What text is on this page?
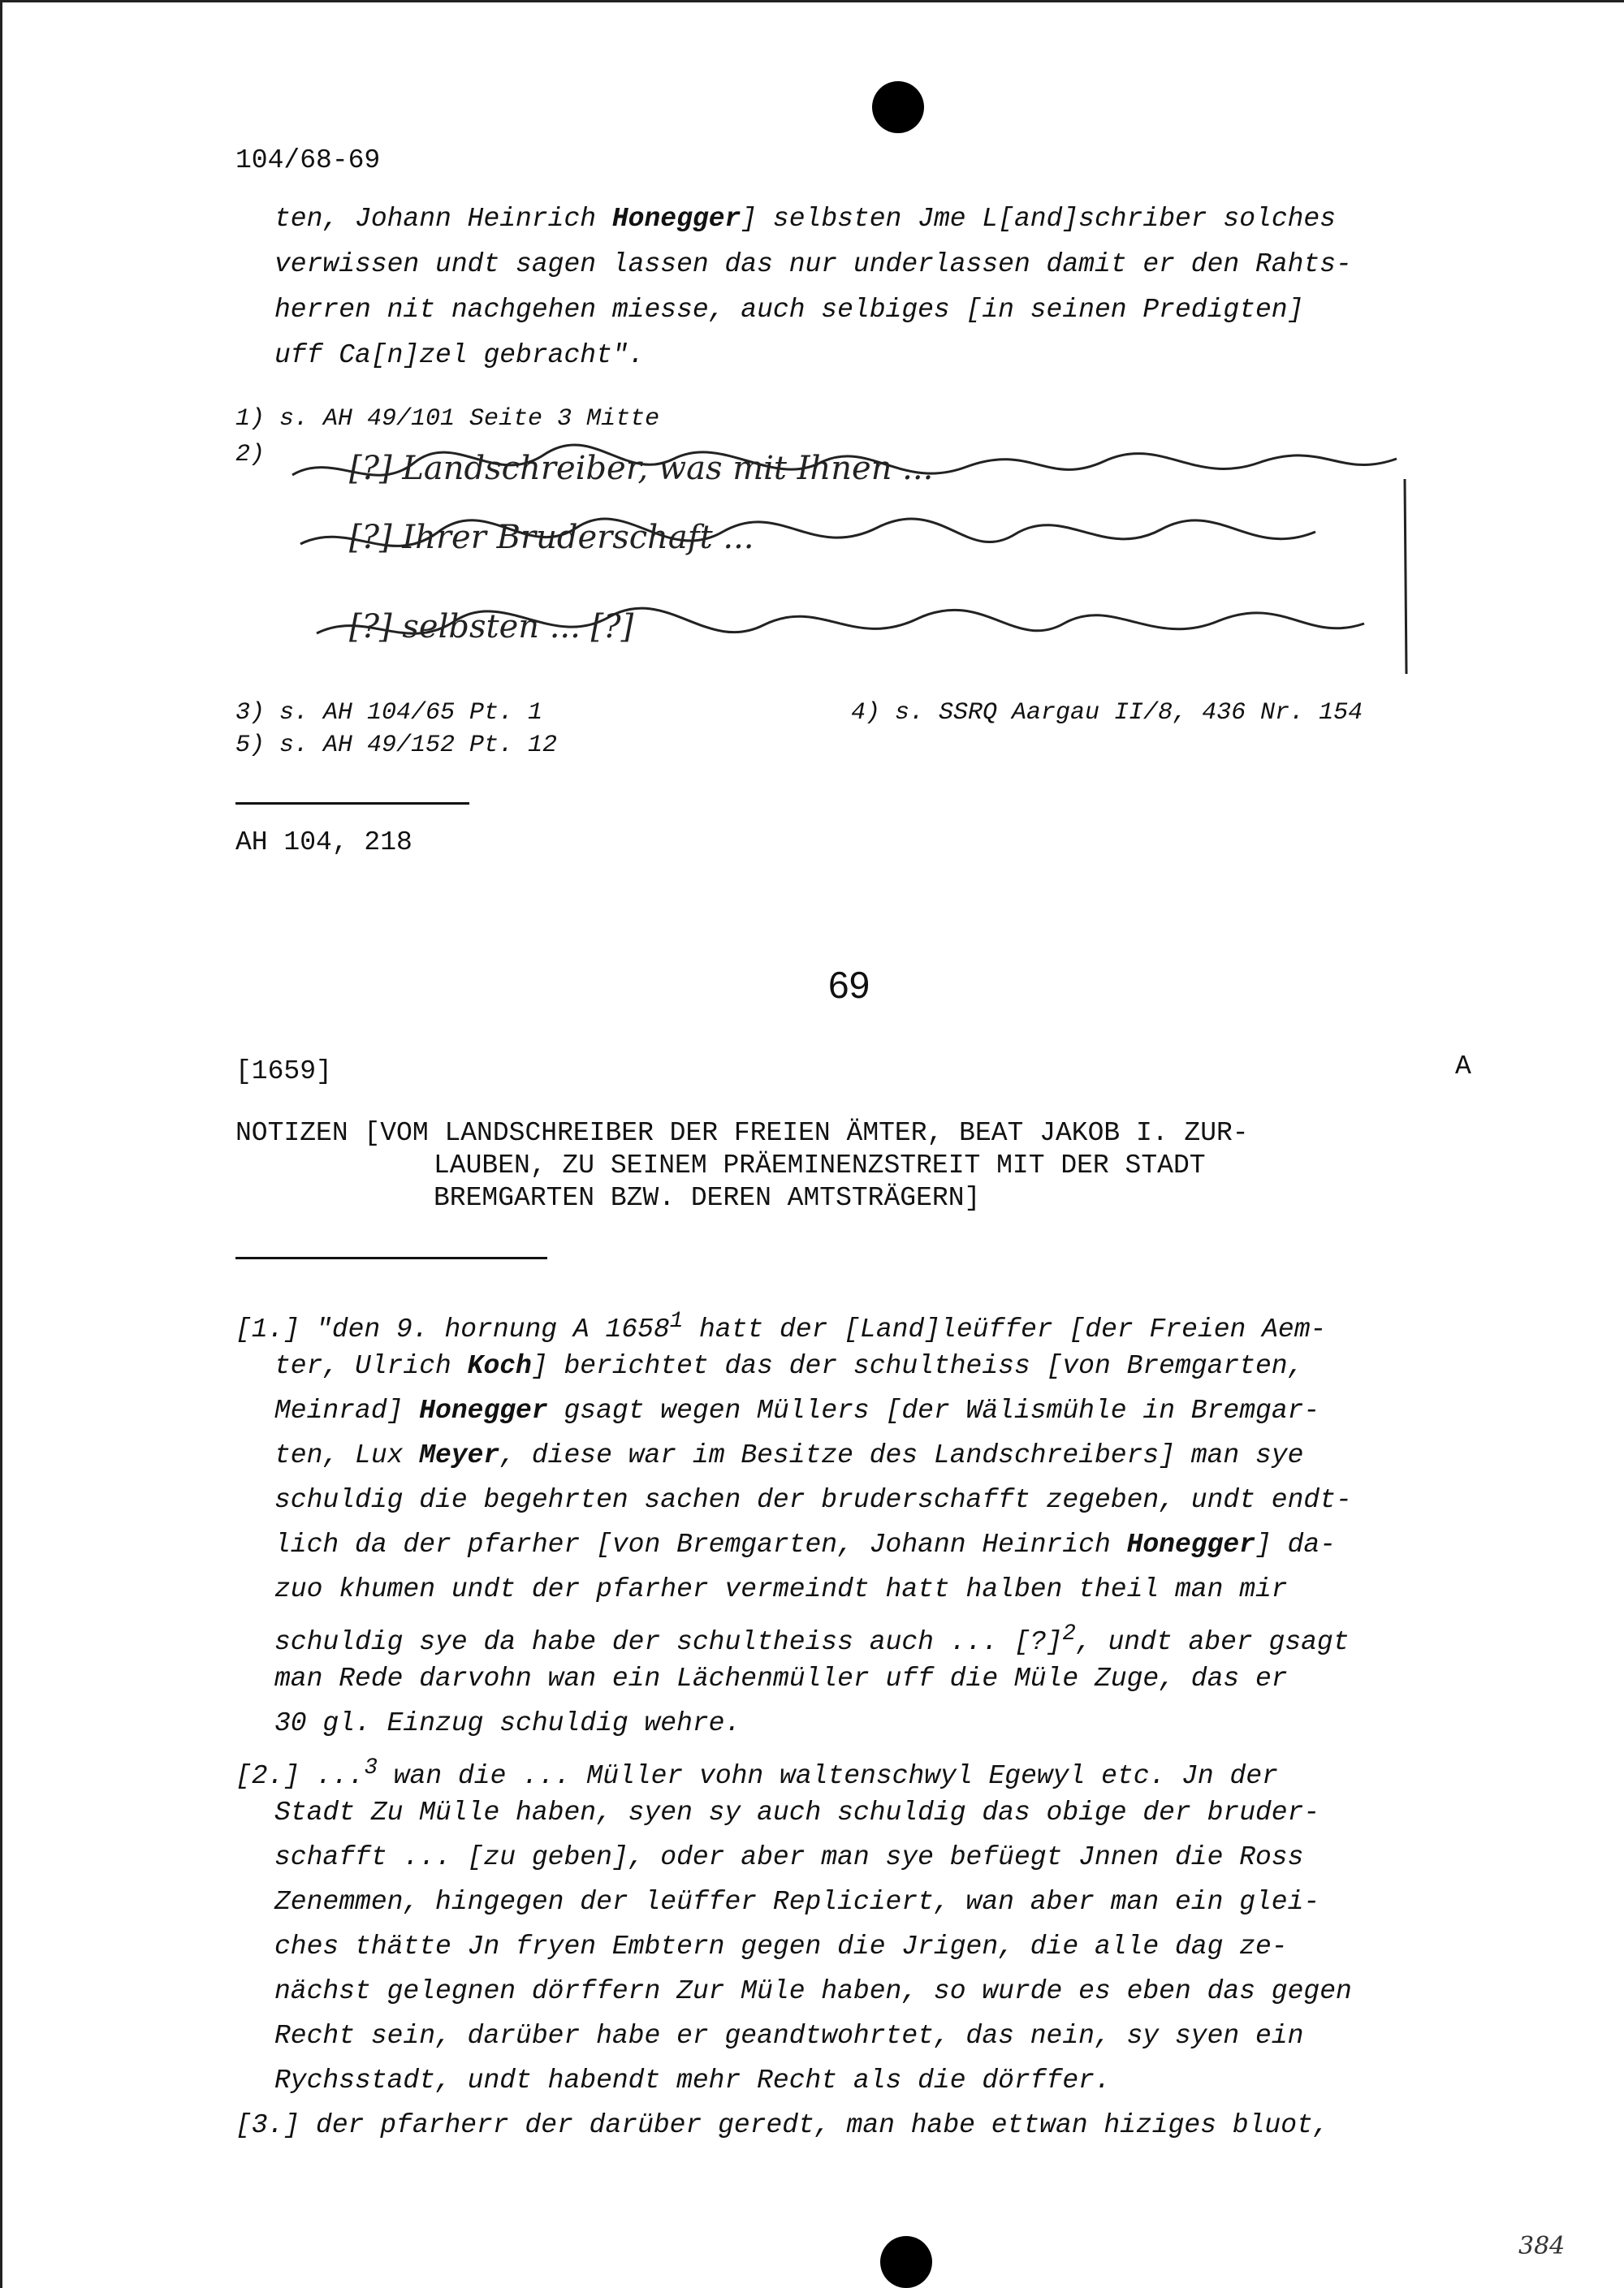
104/68-69
ten, Johann Heinrich Honegger] selbsten Jme L[and]schriber solches
verwissen undt sagen lassen das nur underlassen damit er den Rahts-
herren nit nachgehen miesse, auch selbiges [in seinen Predigten]
uff Ca[n]zel gebracht".
1) s. AH 49/101 Seite 3 Mitte
2)	[?] Landschreiber, was mit Ihnen ...
[?] Ihrer Bruderschaft ...
[?] selbsten ... [?]
3) s. AH 104/65 Pt. 1	4) s. SSRQ Aargau II/8, 436 Nr. 154
5) s. AH 49/152 Pt. 12
AH 104, 218
69
[1659]	A
NOTIZEN [VOM LANDSCHREIBER DER FREIEN ÄMTER, BEAT JAKOB I. ZUR-
LAUBEN, ZU SEINEM PRÄEMINENZSTREIT MIT DER STADT
BREMGARTEN BZW. DEREN AMTSTRÄGERN]
[1.] "den 9. hornung A 1658$^1$ hatt der [Land]leüffer [der Freien Aem-
ter, Ulrich Koch] berichtet das der schultheiss [von Bremgarten,
Meinrad] Honegger gsagt wegen Müllers [der Wälismühle in Bremgar-
ten, Lux Meyer, diese war im Besitze des Landschreibers] man sye
schuldig die begehrten sachen der bruderschafft zegeben, undt endt-
lich da der pfarher [von Bremgarten, Johann Heinrich Honegger] da-
zuo khumen undt der pfarher vermeindt hatt halben theil man mir
schuldig sye da habe der schultheiss auch ... [?]$^2$, undt aber gsagt
man Rede darvohn wan ein Lächenmüller uff die Müle Zuge, das er
30 gl. Einzug schuldig wehre.
[2.] ...$^3$ wan die ... Müller vohn waltenschwyl Egewyl etc. Jn der
Stadt Zu Mülle haben, syen sy auch schuldig das obige der bruder-
schafft ... [zu geben], oder aber man sye befüegt Jnnen die Ross
Zenemmen, hingegen der leüffer Repliciert, wan aber man ein glei-
ches thätte Jn fryen Embtern gegen die Jrigen, die alle dag ze-
nächst gelegnen dörffern Zur Müle haben, so wurde es eben das gegen
Recht sein, darüber habe er geandtwohrtet, das nein, sy syen ein
Rychsstadt, undt habendt mehr Recht als die dörffer.
[3.] der pfarherr der darüber geredt, man habe ettwan hiziges bluot,
384
